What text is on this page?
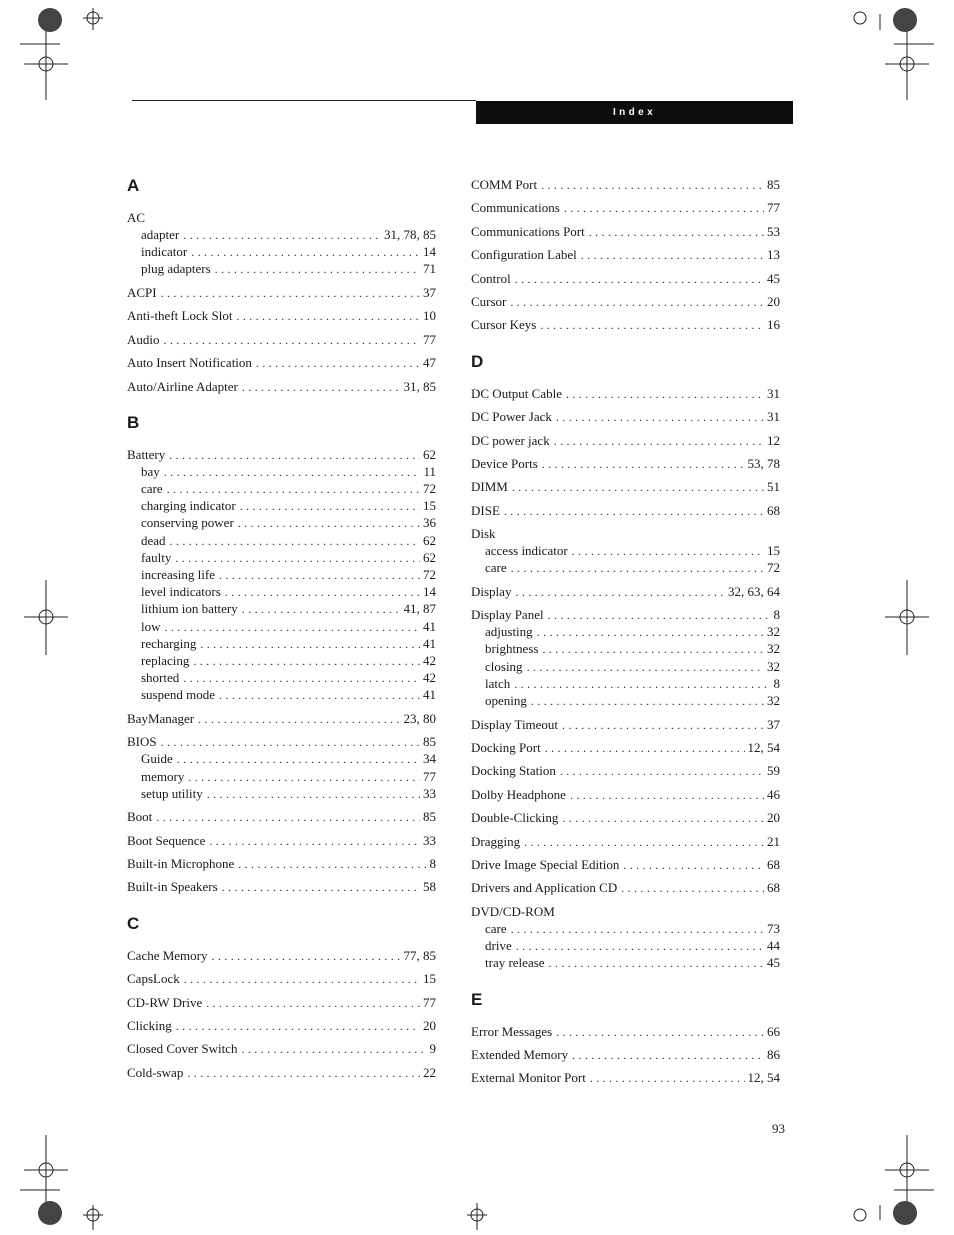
Index
A
AC
adapter . . .	31, 78, 85
indicator . . .	14
plug adapters . . .	71
ACPI . . .	37
Anti-theft Lock Slot . . .	10
Audio . . .	77
Auto Insert Notification . . .	47
Auto/Airline Adapter . . .	31, 85
B
Battery . . .	62
bay . . .	11
care . . .	72
charging indicator . . .	15
conserving power . . .	36
dead . . .	62
faulty . . .	62
increasing life . . .	72
level indicators . . .	14
lithium ion battery . . .	41, 87
low . . .	41
recharging . . .	41
replacing . . .	42
shorted . . .	42
suspend mode . . .	41
BayManager . . .	23, 80
BIOS . . .	85
Guide . . .	34
memory . . .	77
setup utility . . .	33
Boot . . .	85
Boot Sequence . . .	33
Built-in Microphone . . .	8
Built-in Speakers . . .	58
C
Cache Memory . . .	77, 85
CapsLock . . .	15
CD-RW Drive . . .	77
Clicking . . .	20
Closed Cover Switch . . .	9
Cold-swap . . .	22
COMM Port . . .	85
Communications . . .	77
Communications Port . . .	53
Configuration Label . . .	13
Control . . .	45
Cursor . . .	20
Cursor Keys . . .	16
D
DC Output Cable . . .	31
DC Power Jack . . .	31
DC power jack . . .	12
Device Ports . . .	53, 78
DIMM . . .	51
DISE . . .	68
Disk
access indicator . . .	15
care . . .	72
Display . . .	32, 63, 64
Display Panel . . .	8
adjusting . . .	32
brightness . . .	32
closing . . .	32
latch . . .	8
opening . . .	32
Display Timeout . . .	37
Docking Port . . .	12, 54
Docking Station . . .	59
Dolby Headphone . . .	46
Double-Clicking . . .	20
Dragging . . .	21
Drive Image Special Edition . . .	68
Drivers and Application CD . . .	68
DVD/CD-ROM
care . . .	73
drive . . .	44
tray release . . .	45
E
Error Messages . . .	66
Extended Memory . . .	86
External Monitor Port . . .	12, 54
93
